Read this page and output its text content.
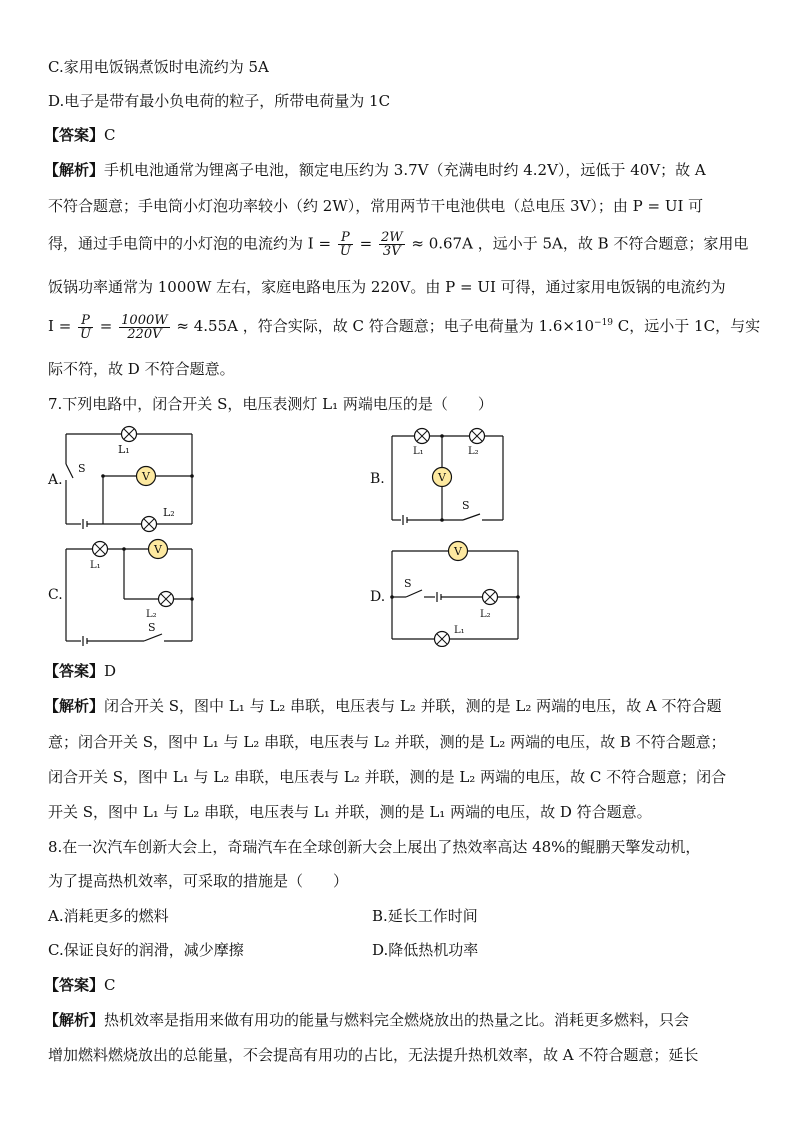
C.家用电饭锅煮饭时电流约为 5A
D.电子是带有最小负电荷的粒子，所带电荷量为 1C
【答案】C
【解析】手机电池通常为锂离子电池，额定电压约为 3.7V（充满电时约 4.2V），远低于 40V；故 A
不符合题意；手电筒小灯泡功率较小（约 2W），常用两节干电池供电（总电压 3V）；由 P = UI 可
得，通过手电筒中的小灯泡的电流约为 $I = \frac{P}{U} = \frac{2W}{3V} \approx 0.67A$ ，远小于 5A，故 B 不符合题意；家用电
饭锅功率通常为 1000W 左右，家庭电路电压为 220V。由 P = UI 可得，通过家用电饭锅的电流约为
$I = \frac{P}{U} = \frac{1000W}{220V} \approx 4.55A$ ，符合实际，故 C 符合题意；电子电荷量为 $1.6\times 10^{-19}$ C，远小于 1C，与实
际不符，故 D 不符合题意。
7.下列电路中，闭合开关 S，电压表测灯 L₁ 两端电压的是（　　）
A.	V
L₁
L₂
S
B.	V
L₁	L₂
S
C.
V
L₁
L₂
S
D.
V
S
L₂
L₁
【答案】D
【解析】闭合开关 S，图中 L₁ 与 L₂ 串联，电压表与 L₂ 并联，测的是 L₂ 两端的电压，故 A 不符合题
意；闭合开关 S，图中 L₁ 与 L₂ 串联，电压表与 L₂ 并联，测的是 L₂ 两端的电压，故 B 不符合题意；
闭合开关 S，图中 L₁ 与 L₂ 串联，电压表与 L₂ 并联，测的是 L₂ 两端的电压，故 C 不符合题意；闭合
开关 S，图中 L₁ 与 L₂ 串联，电压表与 L₁ 并联，测的是 L₁ 两端的电压，故 D 符合题意。
8.在一次汽车创新大会上，奇瑞汽车在全球创新大会上展出了热效率高达 48%的鲲鹏天擎发动机，
为了提高热机效率，可采取的措施是（　　）
A.消耗更多的燃料	B.延长工作时间
C.保证良好的润滑，减少摩擦	D.降低热机功率
【答案】C
【解析】热机效率是指用来做有用功的能量与燃料完全燃烧放出的热量之比。消耗更多燃料，只会
增加燃料燃烧放出的总能量，不会提高有用功的占比，无法提升热机效率，故 A 不符合题意；延长
